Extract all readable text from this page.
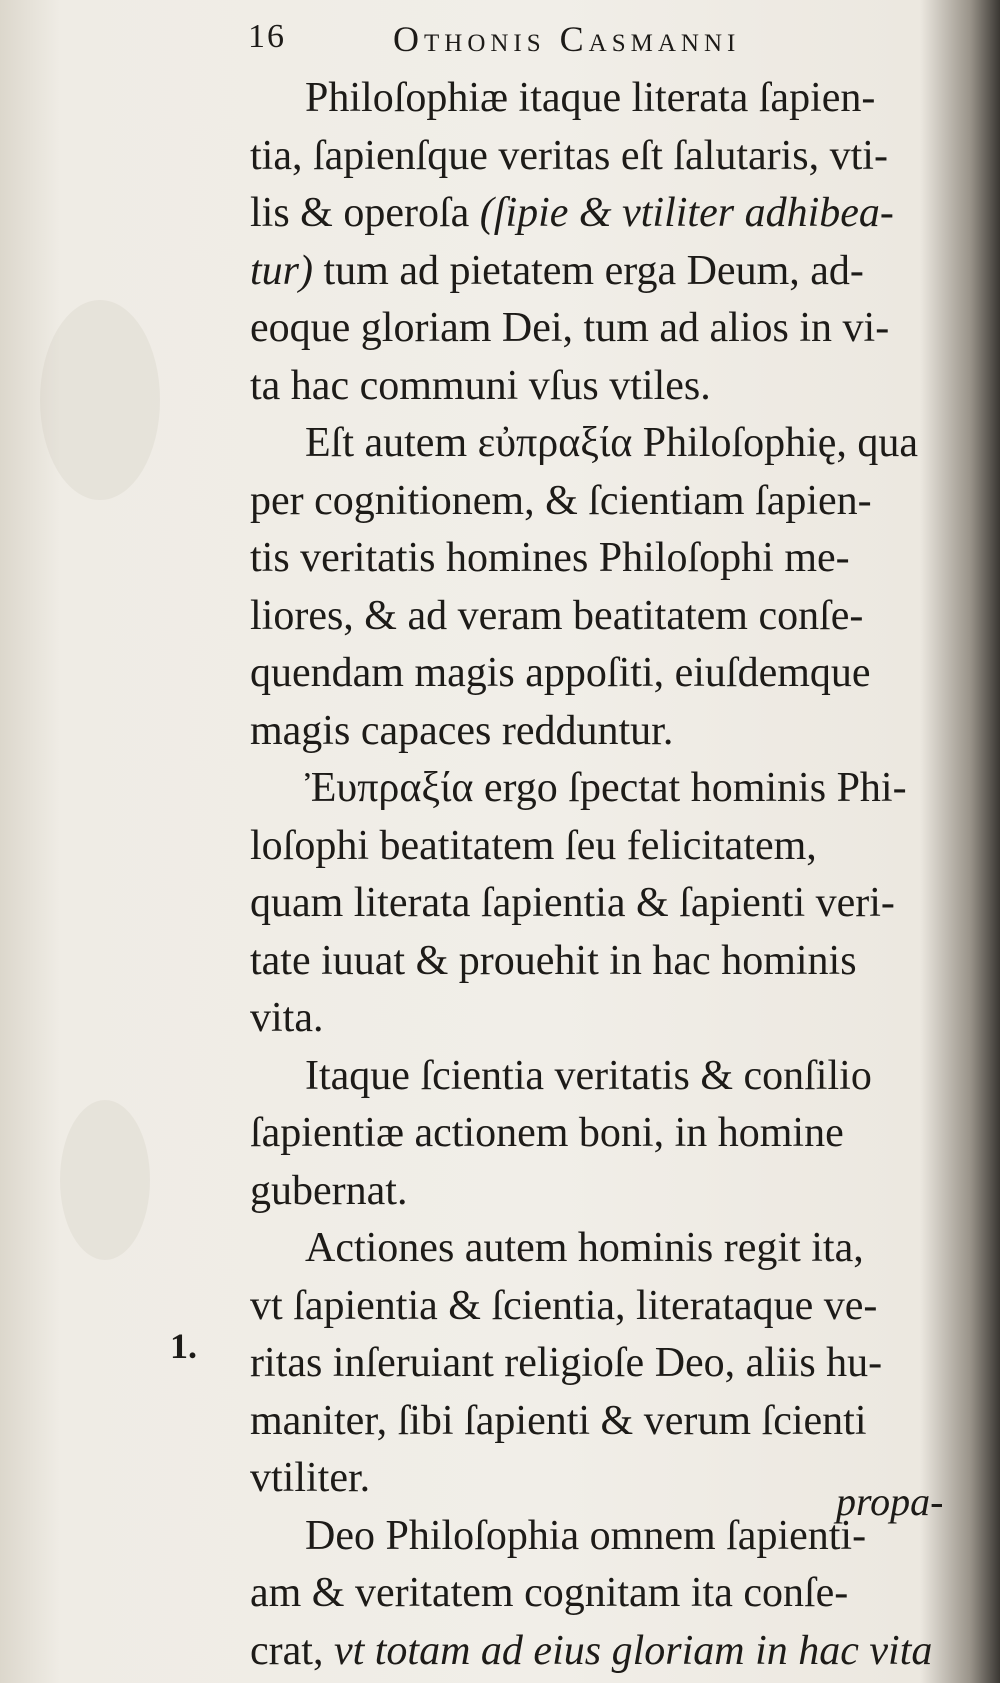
16	Othonis Casmanni
Philoſophiæ itaque literata ſapien-
tia, ſapienſque veritas eſt ſalutaris, vti-
lis & operoſa (ſipie & vtiliter adhibea-
tur) tum ad pietatem erga Deum, ad-
eoque gloriam Dei, tum ad alios in vi-
ta hac communi vſus vtiles.
Eſt autem εὐπραξία Philoſophię, qua
per cognitionem, & ſcientiam ſapien-
tis veritatis homines Philoſophi me-
liores, & ad veram beatitatem conſe-
quendam magis appoſiti, eiuſdemque
magis capaces redduntur.
Ἐυπραξία ergo ſpectat hominis Phi-
loſophi beatitatem ſeu felicitatem,
quam literata ſapientia & ſapienti veri-
tate iuuat & prouehit in hac hominis
vita.
Itaque ſcientia veritatis & conſilio
ſapientiæ actionem boni, in homine
gubernat.
Actiones autem hominis regit ita,
vt ſapientia & ſcientia, literataque ve-
ritas inſeruiant religioſe Deo, aliis hu-
maniter, ſibi ſapienti & verum ſcienti
vtiliter.
Deo Philoſophia omnem ſapienti-
am & veritatem cognitam ita conſe-
crat, vt totam ad eius gloriam in hac vita
1.
propa-
